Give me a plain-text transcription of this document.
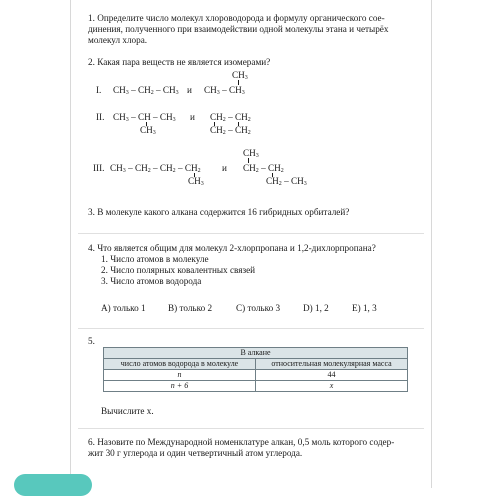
1. Определите число молекул хлороводорода и формулу органического сое-
динения, полученного при взаимодействии одной молекулы этана и четырёх
молекул хлора.
2. Какая пара веществ не является изомерами?
CH3
I. CH3 – CH2 – CH3 и CH3 – CH3
II. CH3 – CH – CH3
CH3
и CH2 – CH2
CH2 – CH2
CH3
III. CH3 – CH2 – CH2 – CH2
CH3
и CH2 – CH2
CH2 – CH3
3. В молекуле какого алкана содержится 16 гибридных орбиталей?
4. Что является общим для молекул 2-хлорпропана и 1,2-дихлорпропана?
1. Число атомов в молекуле
2. Число полярных ковалентных связей
3. Число атомов водорода
A) только 1 B) только 2	C) только 3 D) 1, 2	E) 1, 3
5.
В алкане	
число атомов водорода в молекуле	относительная молекулярная масса
n	44
n + 6	x
Вычислите x.
6. Назовите по Международной номенклатуре алкан, 0,5 моль которого содер-
жит 30 г углерода и один четвертичный атом углерода.
